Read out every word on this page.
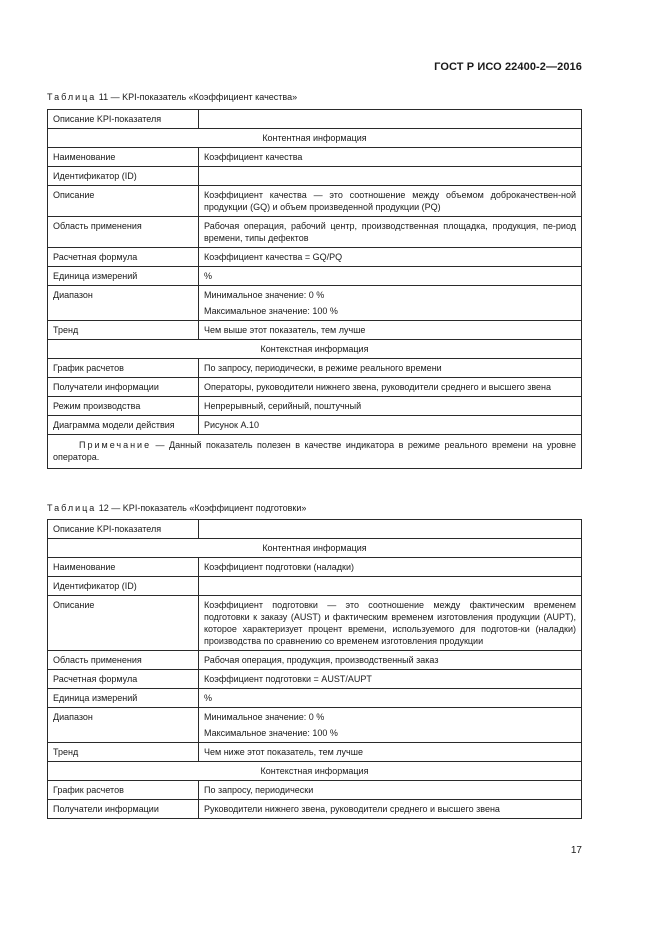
ГОСТ Р ИСО 22400-2—2016
Таблица 11 — KPI-показатель «Коэффициент качества»
Описание KPI-показателя	
Контентная информация	
Наименование	Коэффициент качества
Идентификатор (ID)	
Описание	Коэффициент качества — это соотношение между объемом доброкачествен-ной продукции (GQ) и объем произведенной продукции (PQ)
Область применения	Рабочая операция, рабочий центр, производственная площадка, продукция, пе-риод времени, типы дефектов
Расчетная формула	Коэффициент качества = GQ/PQ
Единица измерений	%
Диапазон	Минимальное значение: 0 %
Максимальное значение: 100 %

Тренд	Чем выше этот показатель, тем лучше
Контекстная информация	
График расчетов	По запросу, периодически, в режиме реального времени
Получатели информации	Операторы, руководители нижнего звена, руководители среднего и высшего звена
Режим производства	Непрерывный, серийный, поштучный
Диаграмма модели действия	Рисунок А.10
Примечание — Данный показатель полезен в качестве индикатора в режиме реального времени на уровне оператора.	
Таблица 12 — KPI-показатель «Коэффициент подготовки»
Описание KPI-показателя	
Контентная информация	
Наименование	Коэффициент подготовки (наладки)
Идентификатор (ID)	
Описание	Коэффициент подготовки — это соотношение между фактическим временем подготовки к заказу (AUST) и фактическим временем изготовления продукции (AUPT), которое характеризует процент времени, используемого для подготов-ки (наладки) производства по сравнению со временем изготовления продукции
Область применения	Рабочая операция, продукция, производственный заказ
Расчетная формула	Коэффициент подготовки = AUST/AUPT
Единица измерений	%
Диапазон	Минимальное значение: 0 %
Максимальное значение: 100 %

Тренд	Чем ниже этот показатель, тем лучше
Контекстная информация	
График расчетов	По запросу, периодически
Получатели информации	Руководители нижнего звена, руководители среднего и высшего звена
17
